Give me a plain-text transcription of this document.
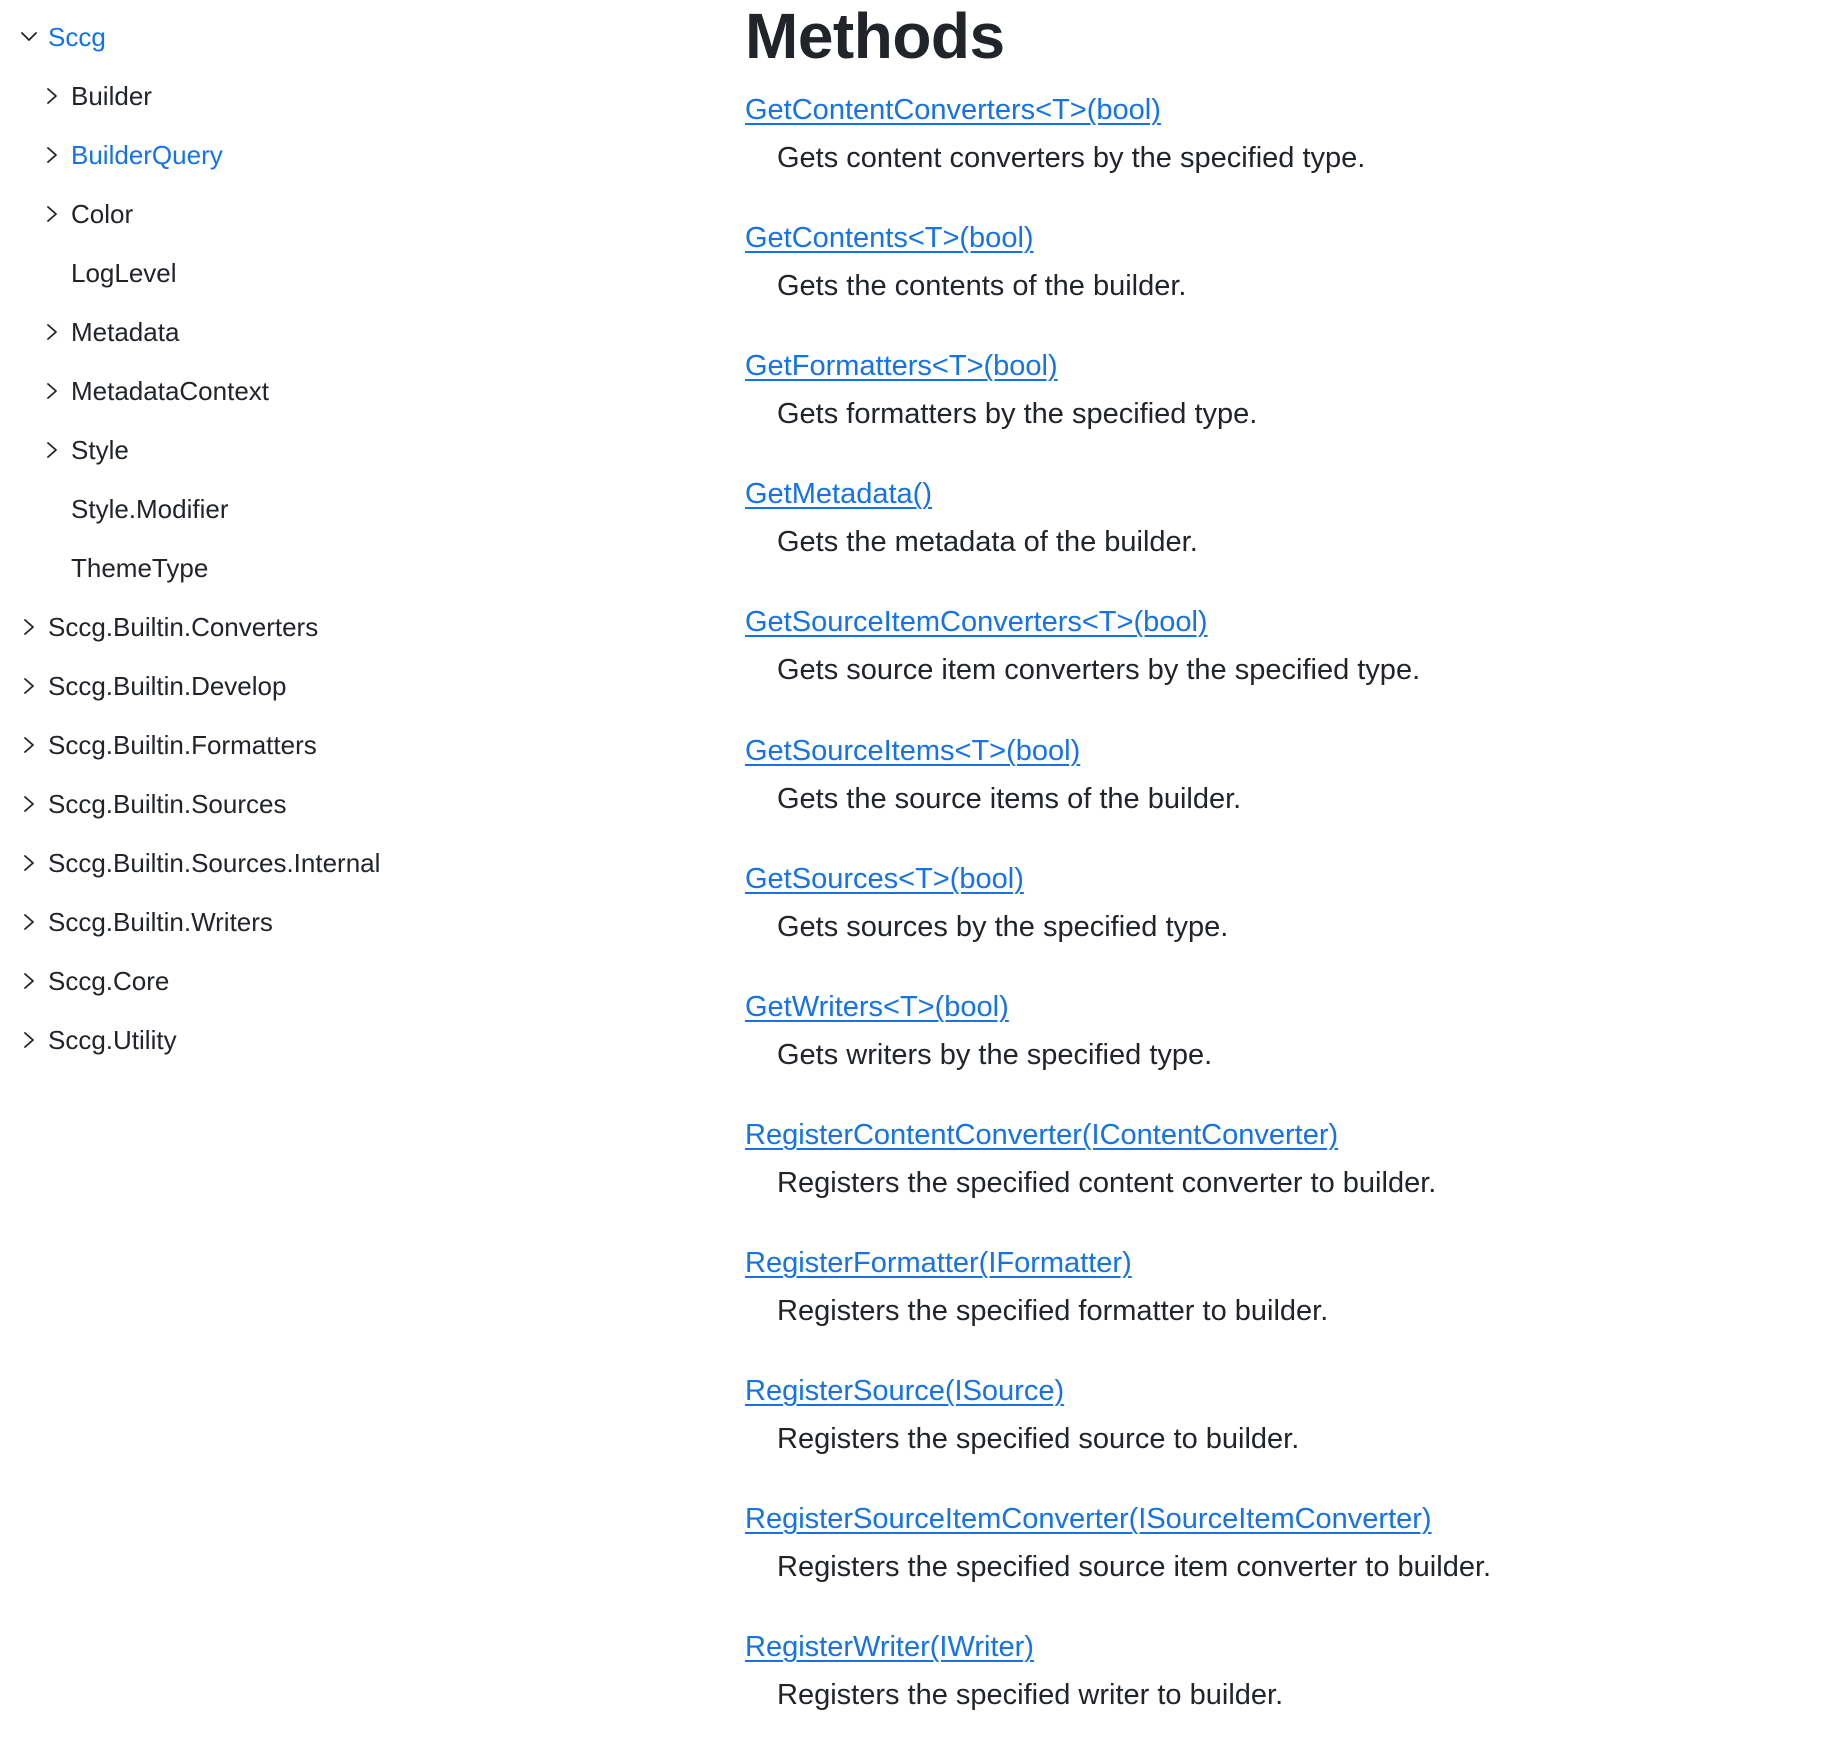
Sccg
Builder
BuilderQuery
Color
LogLevel
Metadata
MetadataContext
Style
Style.Modifier
ThemeType
Sccg.Builtin.Converters
Sccg.Builtin.Develop
Sccg.Builtin.Formatters
Sccg.Builtin.Sources
Sccg.Builtin.Sources.Internal
Sccg.Builtin.Writers
Sccg.Core
Sccg.Utility
Methods
GetContentConverters<T>(bool)
Gets content converters by the specified type.
GetContents<T>(bool)
Gets the contents of the builder.
GetFormatters<T>(bool)
Gets formatters by the specified type.
GetMetadata()
Gets the metadata of the builder.
GetSourceItemConverters<T>(bool)
Gets source item converters by the specified type.
GetSourceItems<T>(bool)
Gets the source items of the builder.
GetSources<T>(bool)
Gets sources by the specified type.
GetWriters<T>(bool)
Gets writers by the specified type.
RegisterContentConverter(IContentConverter)
Registers the specified content converter to builder.
RegisterFormatter(IFormatter)
Registers the specified formatter to builder.
RegisterSource(ISource)
Registers the specified source to builder.
RegisterSourceItemConverter(ISourceItemConverter)
Registers the specified source item converter to builder.
RegisterWriter(IWriter)
Registers the specified writer to builder.
